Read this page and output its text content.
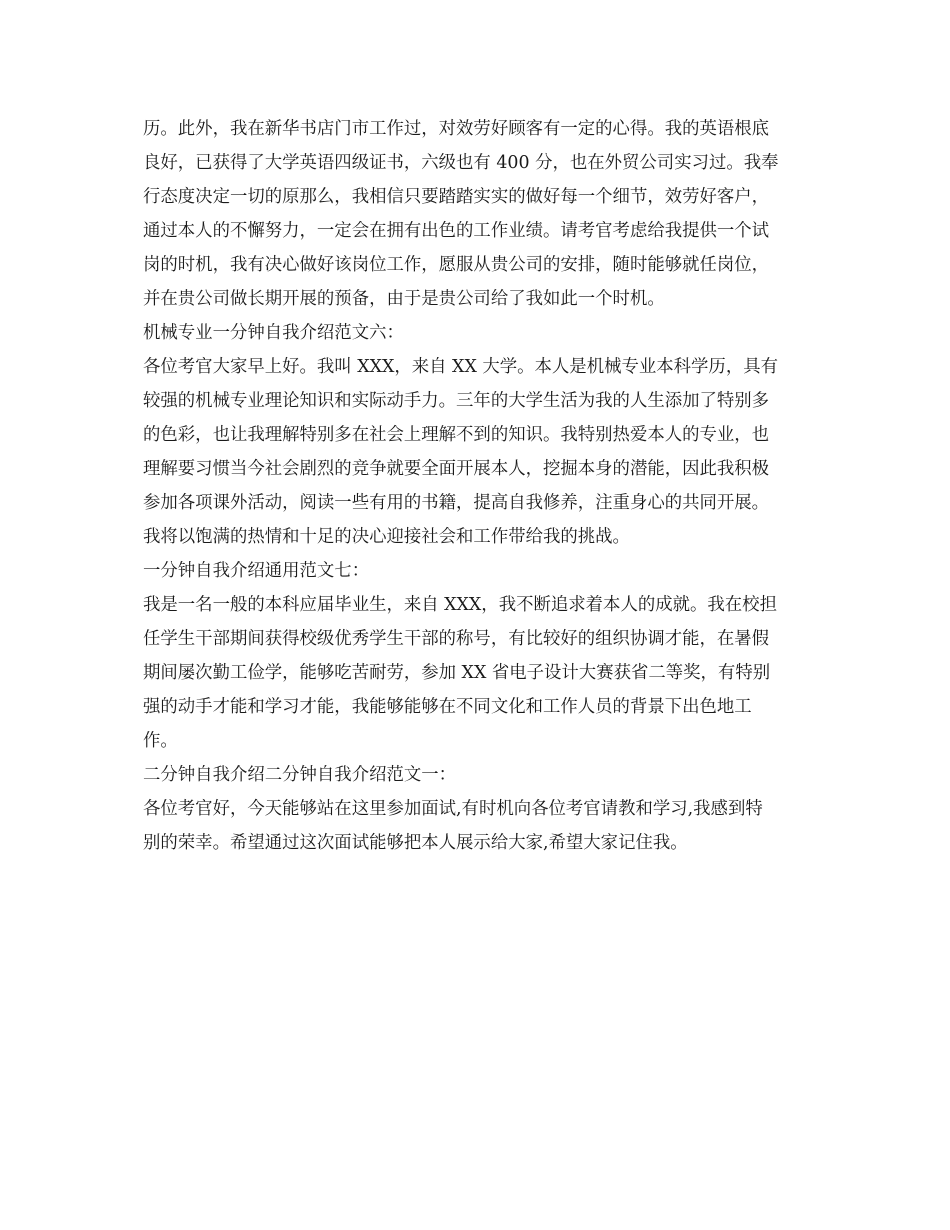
历。此外，我在新华书店门市工作过，对效劳好顾客有一定的心得。我的英语根底
良好，已获得了大学英语四级证书，六级也有 400 分，也在外贸公司实习过。我奉
行态度决定一切的原那么，我相信只要踏踏实实的做好每一个细节，效劳好客户，
通过本人的不懈努力，一定会在拥有出色的工作业绩。请考官考虑给我提供一个试
岗的时机，我有决心做好该岗位工作，愿服从贵公司的安排，随时能够就任岗位，
并在贵公司做长期开展的预备，由于是贵公司给了我如此一个时机。
机械专业一分钟自我介绍范文六：
各位考官大家早上好。我叫 XXX，来自 XX 大学。本人是机械专业本科学历，具有
较强的机械专业理论知识和实际动手力。三年的大学生活为我的人生添加了特别多
的色彩，也让我理解特别多在社会上理解不到的知识。我特别热爱本人的专业，也
理解要习惯当今社会剧烈的竞争就要全面开展本人，挖掘本身的潜能，因此我积极
参加各项课外活动，阅读一些有用的书籍，提高自我修养，注重身心的共同开展。
我将以饱满的热情和十足的决心迎接社会和工作带给我的挑战。
一分钟自我介绍通用范文七：
我是一名一般的本科应届毕业生，来自 XXX，我不断追求着本人的成就。我在校担
任学生干部期间获得校级优秀学生干部的称号，有比较好的组织协调才能，在暑假
期间屡次勤工俭学，能够吃苦耐劳，参加 XX 省电子设计大赛获省二等奖，有特别
强的动手才能和学习才能，我能够能够在不同文化和工作人员的背景下出色地工
作。
二分钟自我介绍二分钟自我介绍范文一：
各位考官好，今天能够站在这里参加面试,有时机向各位考官请教和学习,我感到特
别的荣幸。希望通过这次面试能够把本人展示给大家,希望大家记住我。
